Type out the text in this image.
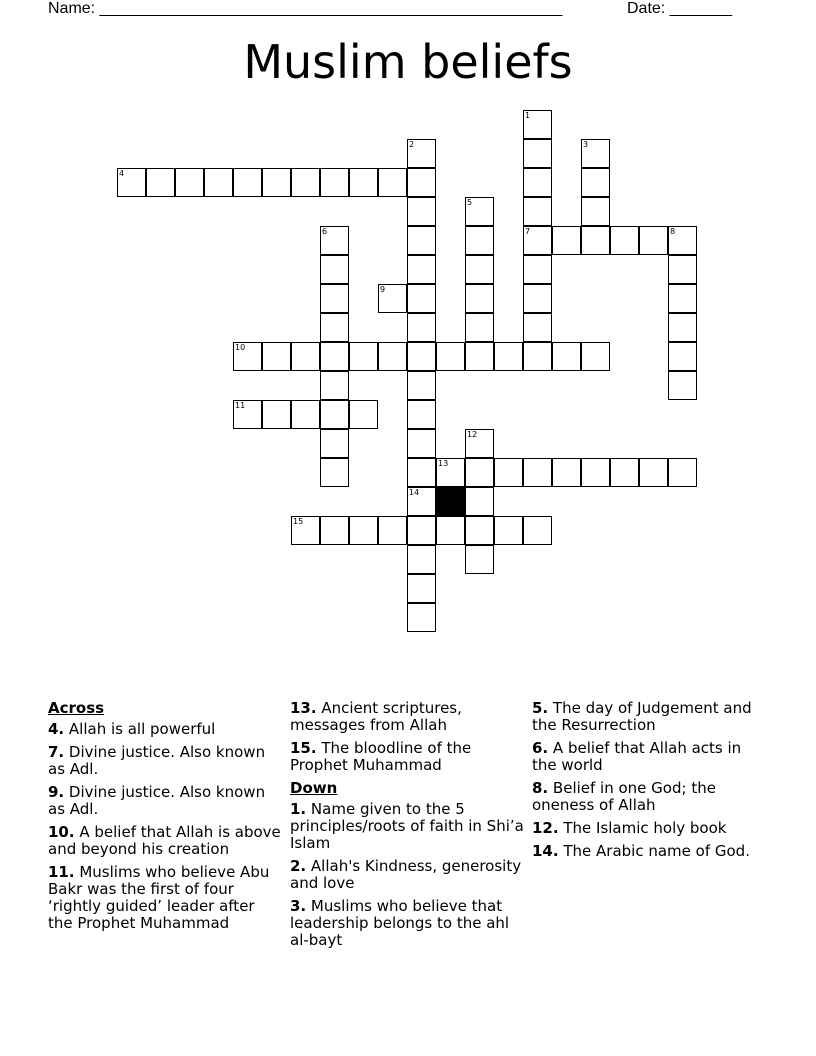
Name: ____________________________________________________	Date: _______
Muslim beliefs
4
7	8
9
10
11
13
15
1
2
14
3
5
6
12
Across
4. Allah is all powerful
7. Divine justice. Also known as Adl.
9. Divine justice. Also known as Adl.
10. A belief that Allah is above and beyond his creation
11. Muslims who believe Abu Bakr was the first of four ‘rightly guided’ leader after the Prophet Muhammad
13. Ancient scriptures, messages from Allah
15. The bloodline of the Prophet Muhammad
Down
1. Name given to the 5 principles/roots of faith in Shi’a Islam
2. Allah's Kindness, generosity and love
3. Muslims who believe that leadership belongs to the ahl al-bayt
5. The day of Judgement and the Resurrection
6. A belief that Allah acts in the world
8. Belief in one God; the oneness of Allah
12. The Islamic holy book
14. The Arabic name of God.
